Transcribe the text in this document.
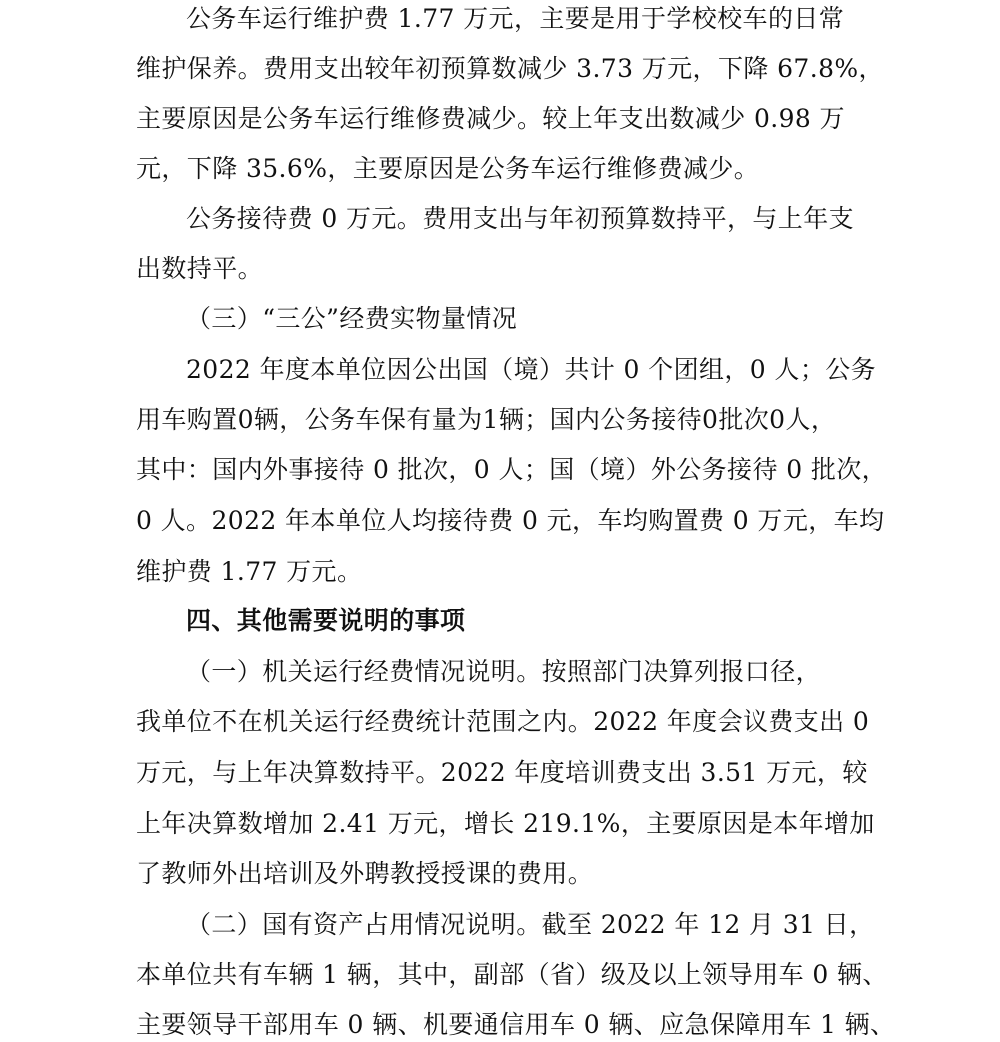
公务车运行维护费 1.77 万元，主要是用于学校校车的日常
维护保养。费用支出较年初预算数减少 3.73 万元，下降 67.8%，
主要原因是公务车运行维修费减少。较上年支出数减少 0.98 万
元，下降 35.6%，主要原因是公务车运行维修费减少。
公务接待费 0 万元。费用支出与年初预算数持平，与上年支
出数持平。
（三）“三公”经费实物量情况
2022 年度本单位因公出国（境）共计 0 个团组，0 人；公务
用车购置0辆，公务车保有量为1辆；国内公务接待0批次0人，
其中：国内外事接待 0 批次，0 人；国（境）外公务接待 0 批次，
0 人。2022 年本单位人均接待费 0 元，车均购置费 0 万元，车均
维护费 1.77 万元。
四、其他需要说明的事项
（一）机关运行经费情况说明。按照部门决算列报口径，
我单位不在机关运行经费统计范围之内。2022 年度会议费支出 0
万元，与上年决算数持平。2022 年度培训费支出 3.51 万元，较
上年决算数增加 2.41 万元，增长 219.1%，主要原因是本年增加
了教师外出培训及外聘教授授课的费用。
（二）国有资产占用情况说明。截至 2022 年 12 月 31 日，
本单位共有车辆 1 辆，其中，副部（省）级及以上领导用车 0 辆、
主要领导干部用车 0 辆、机要通信用车 0 辆、应急保障用车 1 辆、
